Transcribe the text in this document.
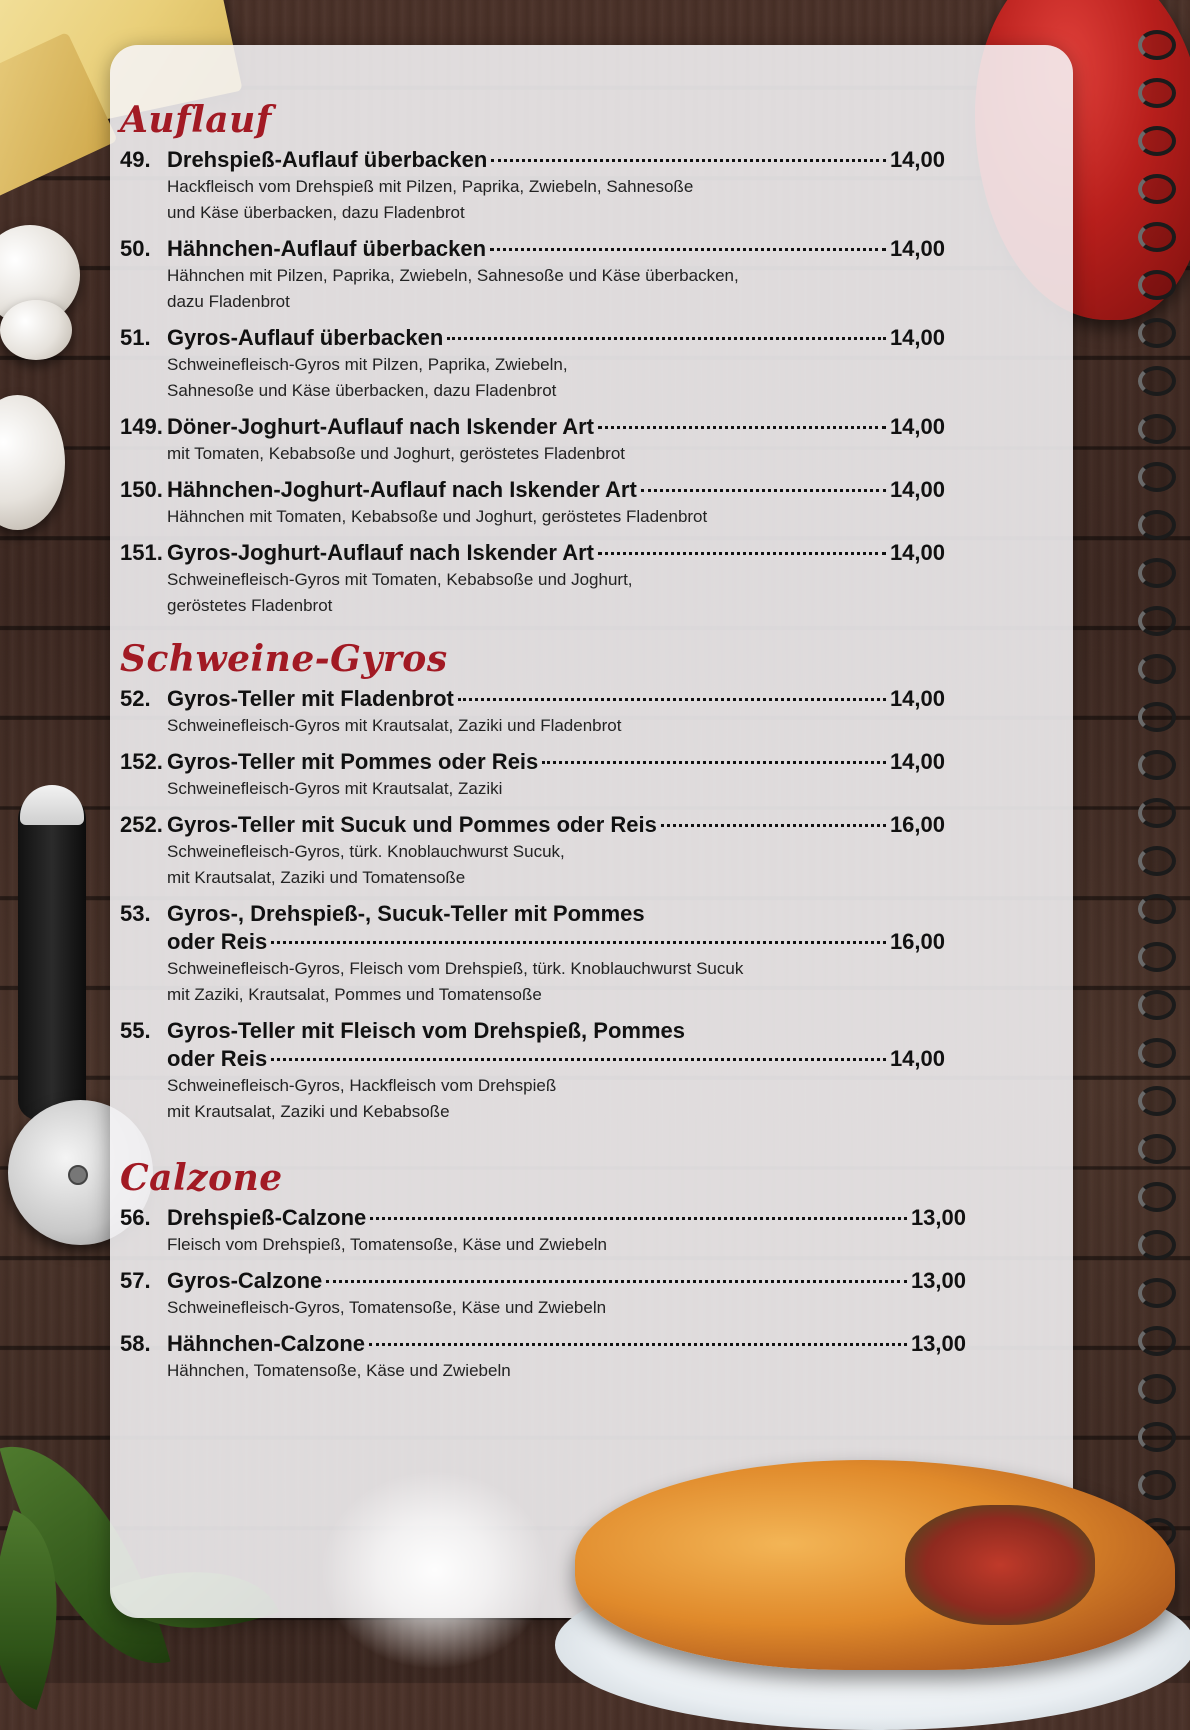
Auflauf
49. Drehspieß-Auflauf überbacken	14,00
Hackfleisch vom Drehspieß mit Pilzen, Paprika, Zwiebeln, Sahnesoße
und Käse überbacken, dazu Fladenbrot
50. Hähnchen-Auflauf überbacken	14,00
Hähnchen mit Pilzen, Paprika, Zwiebeln, Sahnesoße und Käse überbacken,
dazu Fladenbrot
51. Gyros-Auflauf überbacken	14,00
Schweinefleisch-Gyros mit Pilzen, Paprika, Zwiebeln,
Sahnesoße und Käse überbacken, dazu Fladenbrot
149. Döner-Joghurt-Auflauf nach Iskender Art	14,00
mit Tomaten, Kebabsoße und Joghurt, geröstetes Fladenbrot
150. Hähnchen-Joghurt-Auflauf nach Iskender Art	14,00
Hähnchen mit Tomaten, Kebabsoße und Joghurt, geröstetes Fladenbrot
151. Gyros-Joghurt-Auflauf nach Iskender Art	14,00
Schweinefleisch-Gyros mit Tomaten, Kebabsoße und Joghurt,
geröstetes Fladenbrot
Schweine-Gyros
52. Gyros-Teller mit Fladenbrot	14,00
Schweinefleisch-Gyros mit Krautsalat, Zaziki und Fladenbrot
152. Gyros-Teller mit Pommes oder Reis	14,00
Schweinefleisch-Gyros mit Krautsalat, Zaziki
252. Gyros-Teller mit Sucuk und Pommes oder Reis	16,00
Schweinefleisch-Gyros, türk. Knoblauchwurst Sucuk,
mit Krautsalat, Zaziki und Tomatensoße
53. Gyros-, Drehspieß-, Sucuk-Teller mit Pommes
oder Reis	16,00
Schweinefleisch-Gyros, Fleisch vom Drehspieß, türk. Knoblauchwurst Sucuk
mit Zaziki, Krautsalat, Pommes und Tomatensoße
55. Gyros-Teller mit Fleisch vom Drehspieß, Pommes
oder Reis	14,00
Schweinefleisch-Gyros, Hackfleisch vom Drehspieß
mit Krautsalat, Zaziki und Kebabsoße
Calzone
56. Drehspieß-Calzone	13,00
Fleisch vom Drehspieß, Tomatensoße, Käse und Zwiebeln
57. Gyros-Calzone	13,00
Schweinefleisch-Gyros, Tomatensoße, Käse und Zwiebeln
58. Hähnchen-Calzone	13,00
Hähnchen, Tomatensoße, Käse und Zwiebeln
